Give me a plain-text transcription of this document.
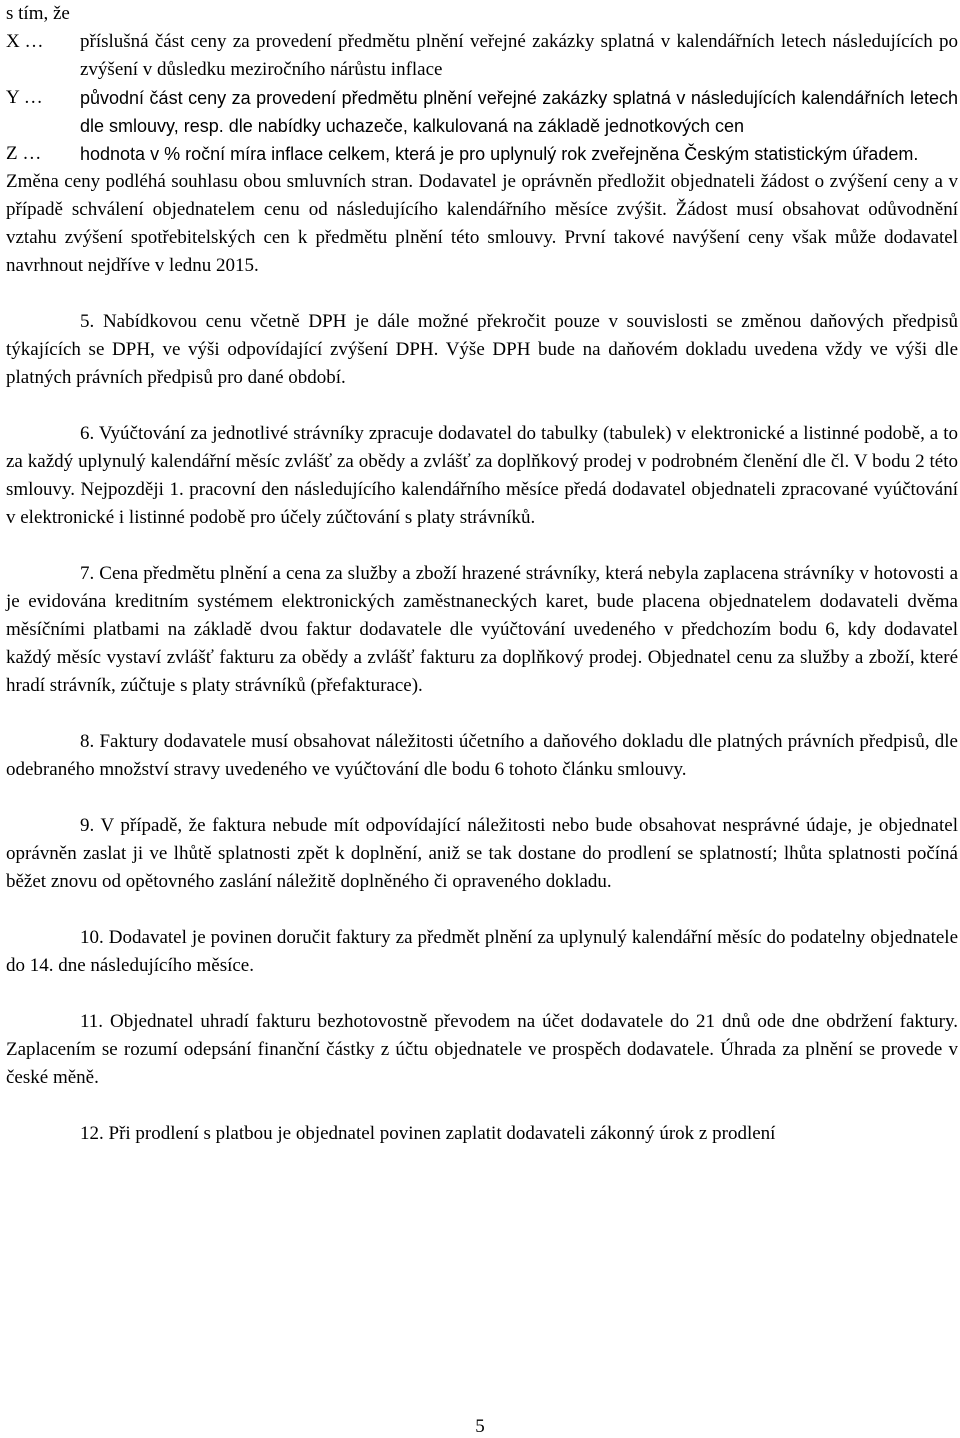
s tím, že

X …	příslušná část ceny za provedení předmětu plnění veřejné zakázky splatná v kalendářních letech následujících po zvýšení v důsledku meziročního nárůstu inflace
Y …	původní část ceny za provedení předmětu plnění veřejné zakázky splatná v následujících kalendářních letech dle smlouvy, resp. dle nabídky uchazeče, kalkulovaná na základě jednotkových cen
Z …	hodnota v % roční míra inflace celkem, která je pro uplynulý rok zveřejněna Českým statistickým úřadem.

Změna ceny podléhá souhlasu obou smluvních stran. Dodavatel je oprávněn předložit objednateli žádost o zvýšení ceny a v případě schválení objednatelem cenu od následujícího kalendářního měsíce zvýšit. Žádost musí obsahovat odůvodnění vztahu zvýšení spotřebitelských cen k předmětu plnění této smlouvy. První takové navýšení ceny však může dodavatel navrhnout nejdříve v lednu 2015.

5. Nabídkovou cenu včetně DPH je dále možné překročit pouze v souvislosti se změnou daňových předpisů týkajících se DPH, ve výši odpovídající zvýšení DPH. Výše DPH bude na daňovém dokladu uvedena vždy ve výši dle platných právních předpisů pro dané období.

6. Vyúčtování za jednotlivé strávníky zpracuje dodavatel do tabulky (tabulek) v elektronické a listinné podobě, a to za každý uplynulý kalendářní měsíc zvlášť za obědy a zvlášť za doplňkový prodej v podrobném členění dle čl. V bodu 2 této smlouvy. Nejpozději 1. pracovní den následujícího kalendářního měsíce předá dodavatel objednateli zpracované vyúčtování v elektronické i listinné podobě pro účely zúčtování s platy strávníků.

7. Cena předmětu plnění a cena za služby a zboží hrazené strávníky, která nebyla zaplacena strávníky v hotovosti a je evidována kreditním systémem elektronických zaměstnaneckých karet, bude placena objednatelem dodavateli dvěma měsíčními platbami na základě dvou faktur dodavatele dle vyúčtování uvedeného v předchozím bodu 6, kdy dodavatel každý měsíc vystaví zvlášť fakturu za obědy a zvlášť fakturu za doplňkový prodej. Objednatel cenu za služby a zboží, které hradí strávník, zúčtuje s platy strávníků (přefakturace).

8. Faktury dodavatele musí obsahovat náležitosti účetního a daňového dokladu dle platných právních předpisů, dle odebraného množství stravy uvedeného ve vyúčtování dle bodu 6 tohoto článku smlouvy.

9. V případě, že faktura nebude mít odpovídající náležitosti nebo bude obsahovat nesprávné údaje, je objednatel oprávněn zaslat ji ve lhůtě splatnosti zpět k doplnění, aniž se tak dostane do prodlení se splatností; lhůta splatnosti počíná běžet znovu od opětovného zaslání náležitě doplněného či opraveného dokladu.

10. Dodavatel je povinen doručit faktury za předmět plnění za uplynulý kalendářní měsíc do podatelny objednatele do 14. dne následujícího měsíce.

11. Objednatel uhradí fakturu bezhotovostně převodem na účet dodavatele do 21 dnů ode dne obdržení faktury. Zaplacením se rozumí odepsání finanční částky z účtu objednatele ve prospěch dodavatele. Úhrada za plnění se provede v české měně.

12. Při prodlení s platbou je objednatel povinen zaplatit dodavateli zákonný úrok z prodlení

5
